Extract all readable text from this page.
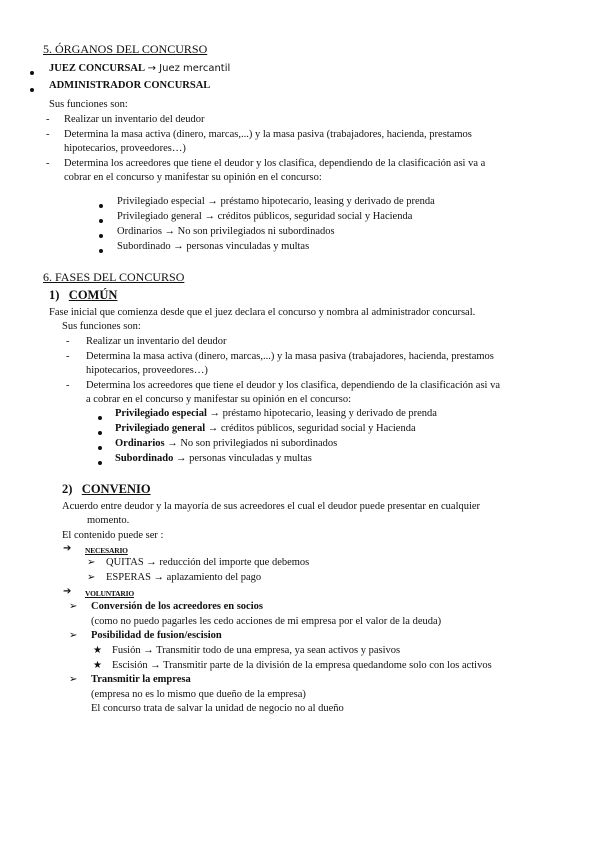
5. ÓRGANOS DEL CONCURSO
JUEZ CONCURSAL → Juez mercantil
ADMINISTRADOR CONCURSAL
Sus funciones son:
- Realizar un inventario del deudor
- Determina la masa activa (dinero, marcas,...) y la masa pasiva (trabajadores, hacienda, prestamos
hipotecarios, proveedores…)
- Determina los acreedores que tiene el deudor y los clasifica, dependiendo de la clasificación asi va a
cobrar en el concurso y manifestar su opinión en el concurso:
Privilegiado especial → préstamo hipotecario, leasing y derivado de prenda
Privilegiado general → créditos públicos, seguridad social y Hacienda
Ordinarios → No son privilegiados ni subordinados
Subordinado → personas vinculadas y multas
6. FASES DEL CONCURSO
1) COMÚN
Fase inicial que comienza desde que el juez declara el concurso y nombra al administrador concursal.
Sus funciones son:
- Realizar un inventario del deudor
- Determina la masa activa (dinero, marcas,...) y la masa pasiva (trabajadores, hacienda, prestamos
hipotecarios, proveedores…)
- Determina los acreedores que tiene el deudor y los clasifica, dependiendo de la clasificación asi va
a cobrar en el concurso y manifestar su opinión en el concurso:
Privilegiado especial → préstamo hipotecario, leasing y derivado de prenda
Privilegiado general → créditos públicos, seguridad social y Hacienda
Ordinarios → No son privilegiados ni subordinados
Subordinado → personas vinculadas y multas
2) CONVENIO
Acuerdo entre deudor y la mayoría de sus acreedores el cual el deudor puede presentar en cualquier
momento.
El contenido puede ser :
➔ NECESARIO
➢ QUITAS → reducción del importe que debemos
➢ ESPERAS → aplazamiento del pago
➔ VOLUNTARIO
➢ Conversión de los acreedores en socios
(como no puedo pagarles les cedo acciones de mi empresa por el valor de la deuda)
➢ Posibilidad de fusion/escision
★ Fusión → Transmitir todo de una empresa, ya sean activos y pasivos
★ Escisión → Transmitir parte de la división de la empresa quedandome solo con los activos
➢ Transmitir la empresa
(empresa no es lo mismo que dueño de la empresa)
El concurso trata de salvar la unidad de negocio no al dueño
